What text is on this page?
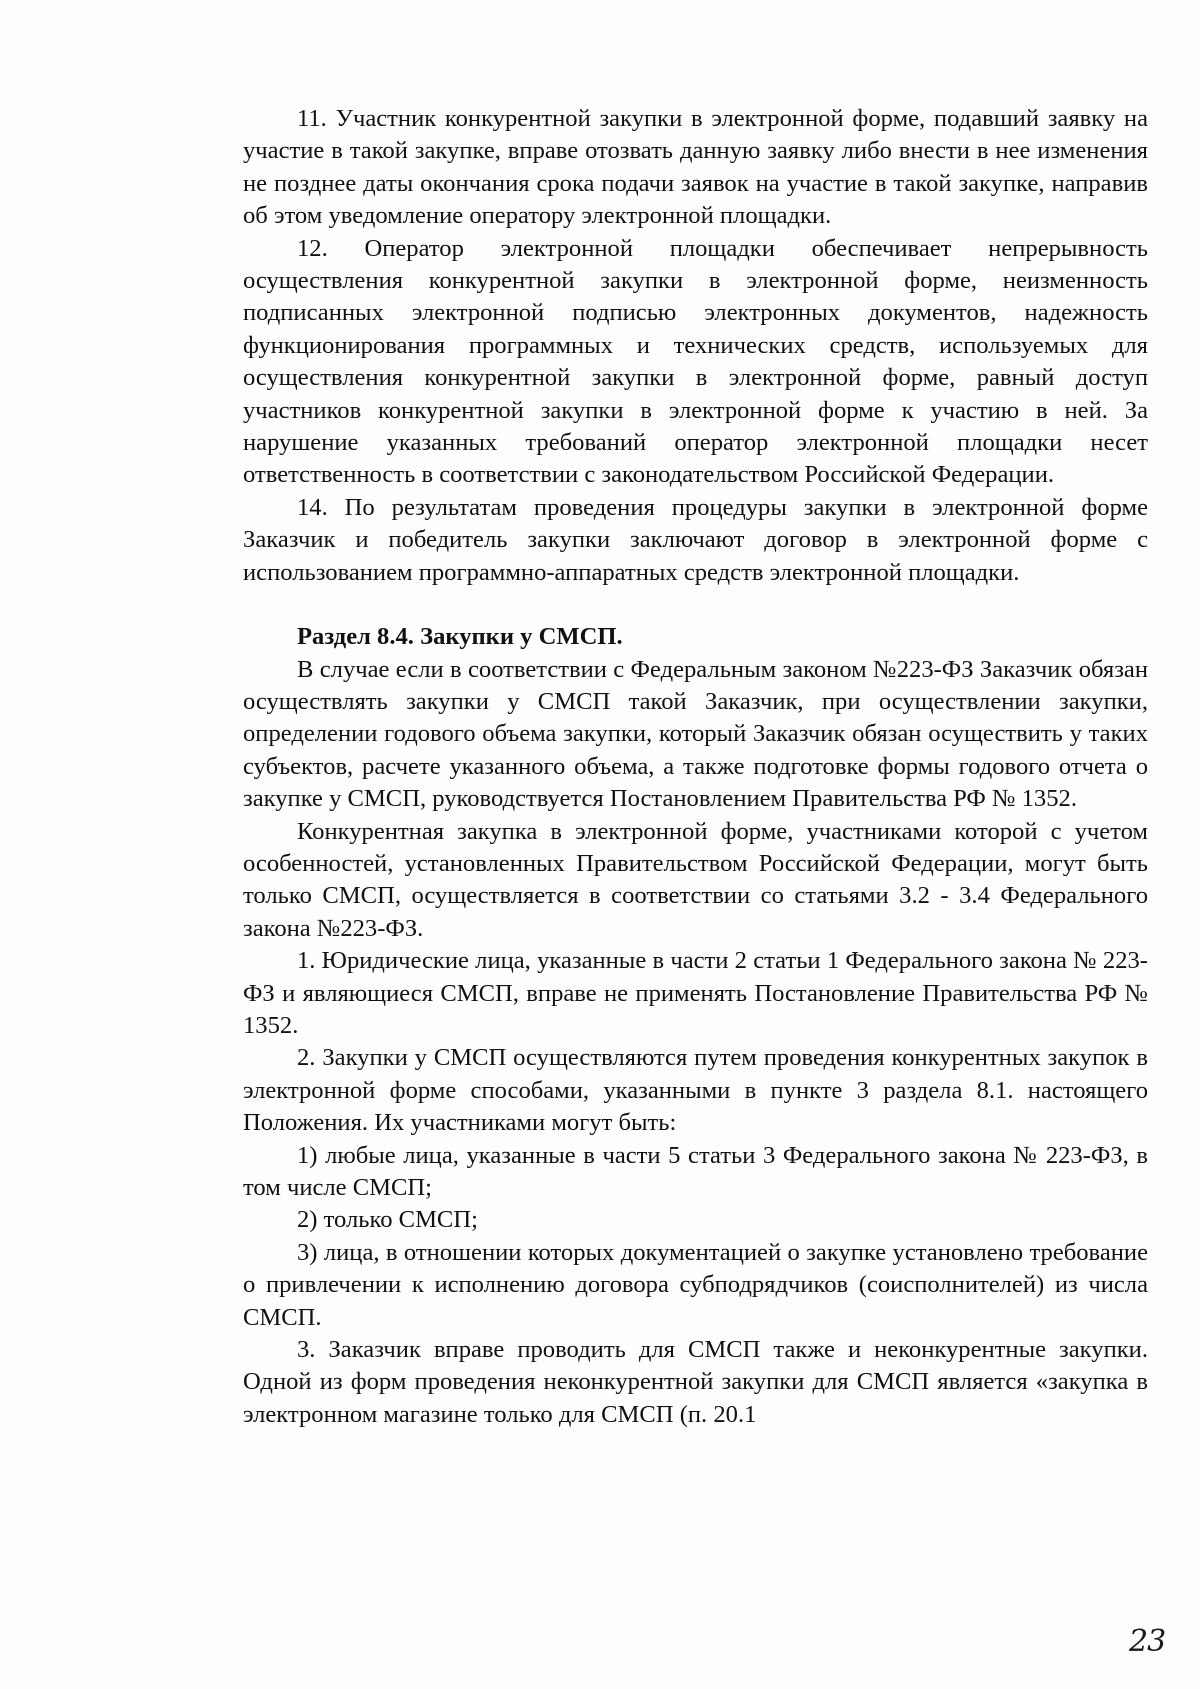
11. Участник конкурентной закупки в электронной форме, подавший заявку на участие в такой закупке, вправе отозвать данную заявку либо внести в нее изменения не позднее даты окончания срока подачи заявок на участие в такой закупке, направив об этом уведомление оператору электронной площадки.

12. Оператор электронной площадки обеспечивает непрерывность осуществления конкурентной закупки в электронной форме, неизменность подписанных электронной подписью электронных документов, надежность функционирования программных и технических средств, используемых для осуществления конкурентной закупки в электронной форме, равный доступ участников конкурентной закупки в электронной форме к участию в ней. За нарушение указанных требований оператор электронной площадки несет ответственность в соответствии с законодательством Российской Федерации.

14. По результатам проведения процедуры закупки в электронной форме Заказчик и победитель закупки заключают договор в электронной форме с использованием программно-аппаратных средств электронной площадки.

Раздел 8.4. Закупки у СМСП.

В случае если в соответствии с Федеральным законом №223-ФЗ Заказчик обязан осуществлять закупки у СМСП такой Заказчик, при осуществлении закупки, определении годового объема закупки, который Заказчик обязан осуществить у таких субъектов, расчете указанного объема, а также подготовке формы годового отчета о закупке у СМСП, руководствуется Постановлением Правительства РФ № 1352.

Конкурентная закупка в электронной форме, участниками которой с учетом особенностей, установленных Правительством Российской Федерации, могут быть только СМСП, осуществляется в соответствии со статьями 3.2 - 3.4 Федерального закона №223-ФЗ.

1. Юридические лица, указанные в части 2 статьи 1 Федерального закона № 223-ФЗ и являющиеся СМСП, вправе не применять Постановление Правительства РФ № 1352.

2. Закупки у СМСП осуществляются путем проведения конкурентных закупок в электронной форме способами, указанными в пункте 3 раздела 8.1. настоящего Положения. Их участниками могут быть:

1) любые лица, указанные в части 5 статьи 3 Федерального закона № 223-ФЗ, в том числе СМСП;

2) только СМСП;

3) лица, в отношении которых документацией о закупке установлено требование о привлечении к исполнению договора субподрядчиков (соисполнителей) из числа СМСП.

3. Заказчик вправе проводить для СМСП также и неконкурентные закупки. Одной из форм проведения неконкурентной закупки для СМСП является «закупка в электронном магазине только для СМСП (п. 20.1

23
